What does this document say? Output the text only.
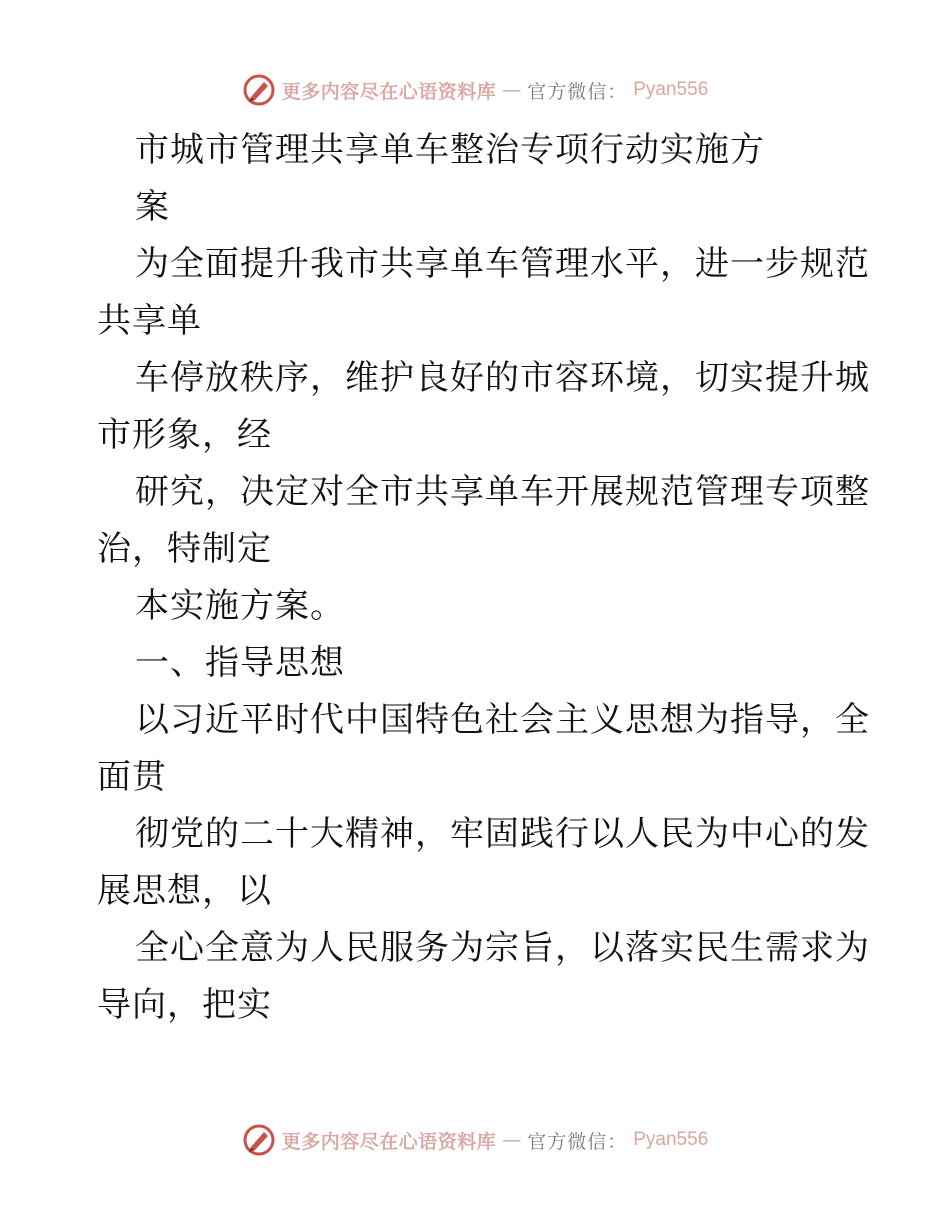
更多内容尽在心语资料库 — 官方微信： Pyan556
市城市管理共享单车整治专项行动实施方
案
为全面提升我市共享单车管理水平，进一步规范
共享单
车停放秩序，维护良好的市容环境，切实提升城
市形象，经
研究，决定对全市共享单车开展规范管理专项整
治，特制定
本实施方案。
一、指导思想
以习近平时代中国特色社会主义思想为指导，全
面贯
彻党的二十大精神，牢固践行以人民为中心的发
展思想，以
全心全意为人民服务为宗旨，以落实民生需求为
导向，把实
更多内容尽在心语资料库 — 官方微信： Pyan556
